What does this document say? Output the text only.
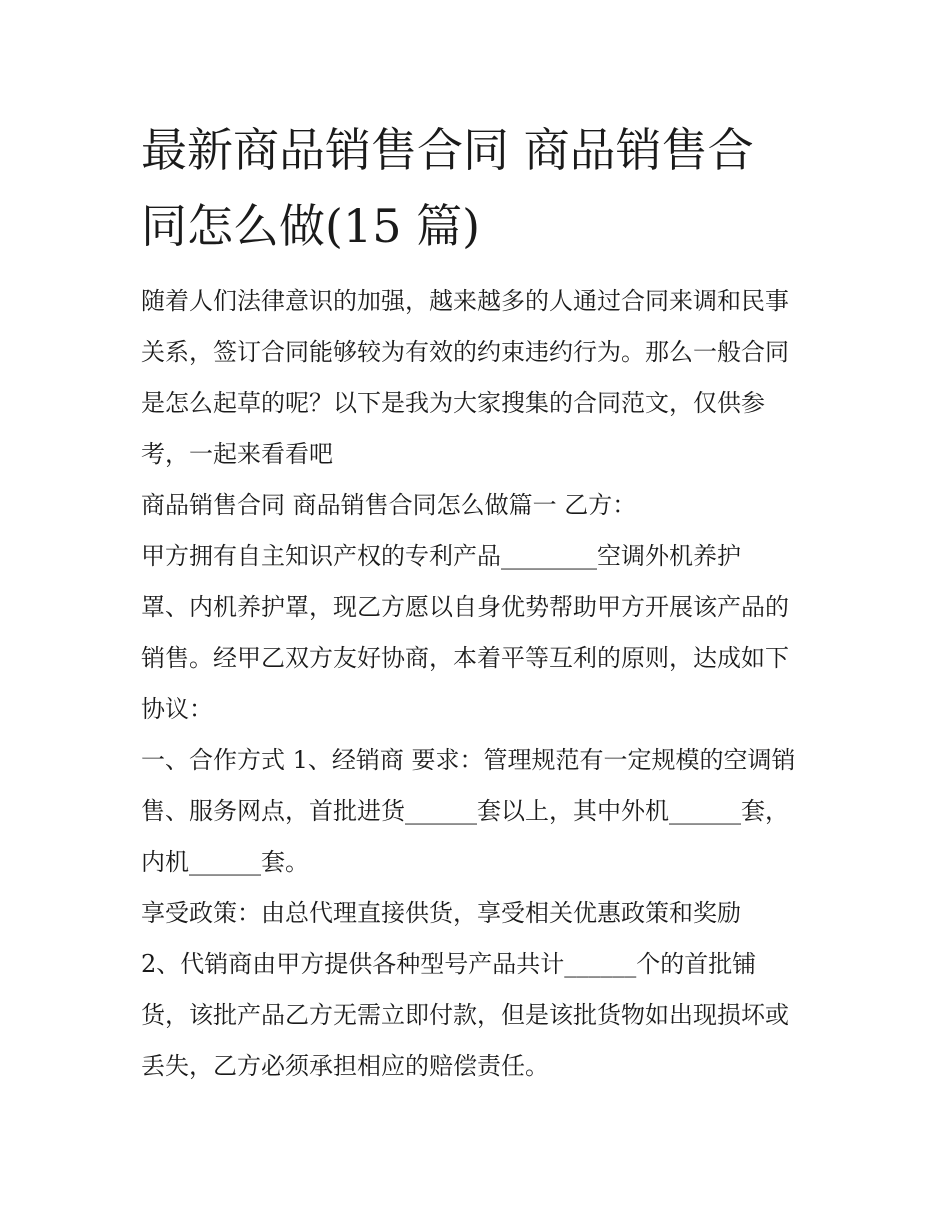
最新商品销售合同 商品销售合
同怎么做(15 篇)

随着人们法律意识的加强，越来越多的人通过合同来调和民事
关系，签订合同能够较为有效的约束违约行为。那么一般合同
是怎么起草的呢？以下是我为大家搜集的合同范文，仅供参
考，一起来看看吧

商品销售合同 商品销售合同怎么做篇一 乙方：

甲方拥有自主知识产权的专利产品________空调外机养护
罩、内机养护罩，现乙方愿以自身优势帮助甲方开展该产品的
销售。经甲乙双方友好协商，本着平等互利的原则，达成如下
协议：

一、合作方式 1、经销商 要求：管理规范有一定规模的空调销
售、服务网点，首批进货______套以上，其中外机______套，
内机______套。

享受政策：由总代理直接供货，享受相关优惠政策和奖励

2、代销商由甲方提供各种型号产品共计______个的首批铺
货，该批产品乙方无需立即付款，但是该批货物如出现损坏或
丢失，乙方必须承担相应的赔偿责任。
